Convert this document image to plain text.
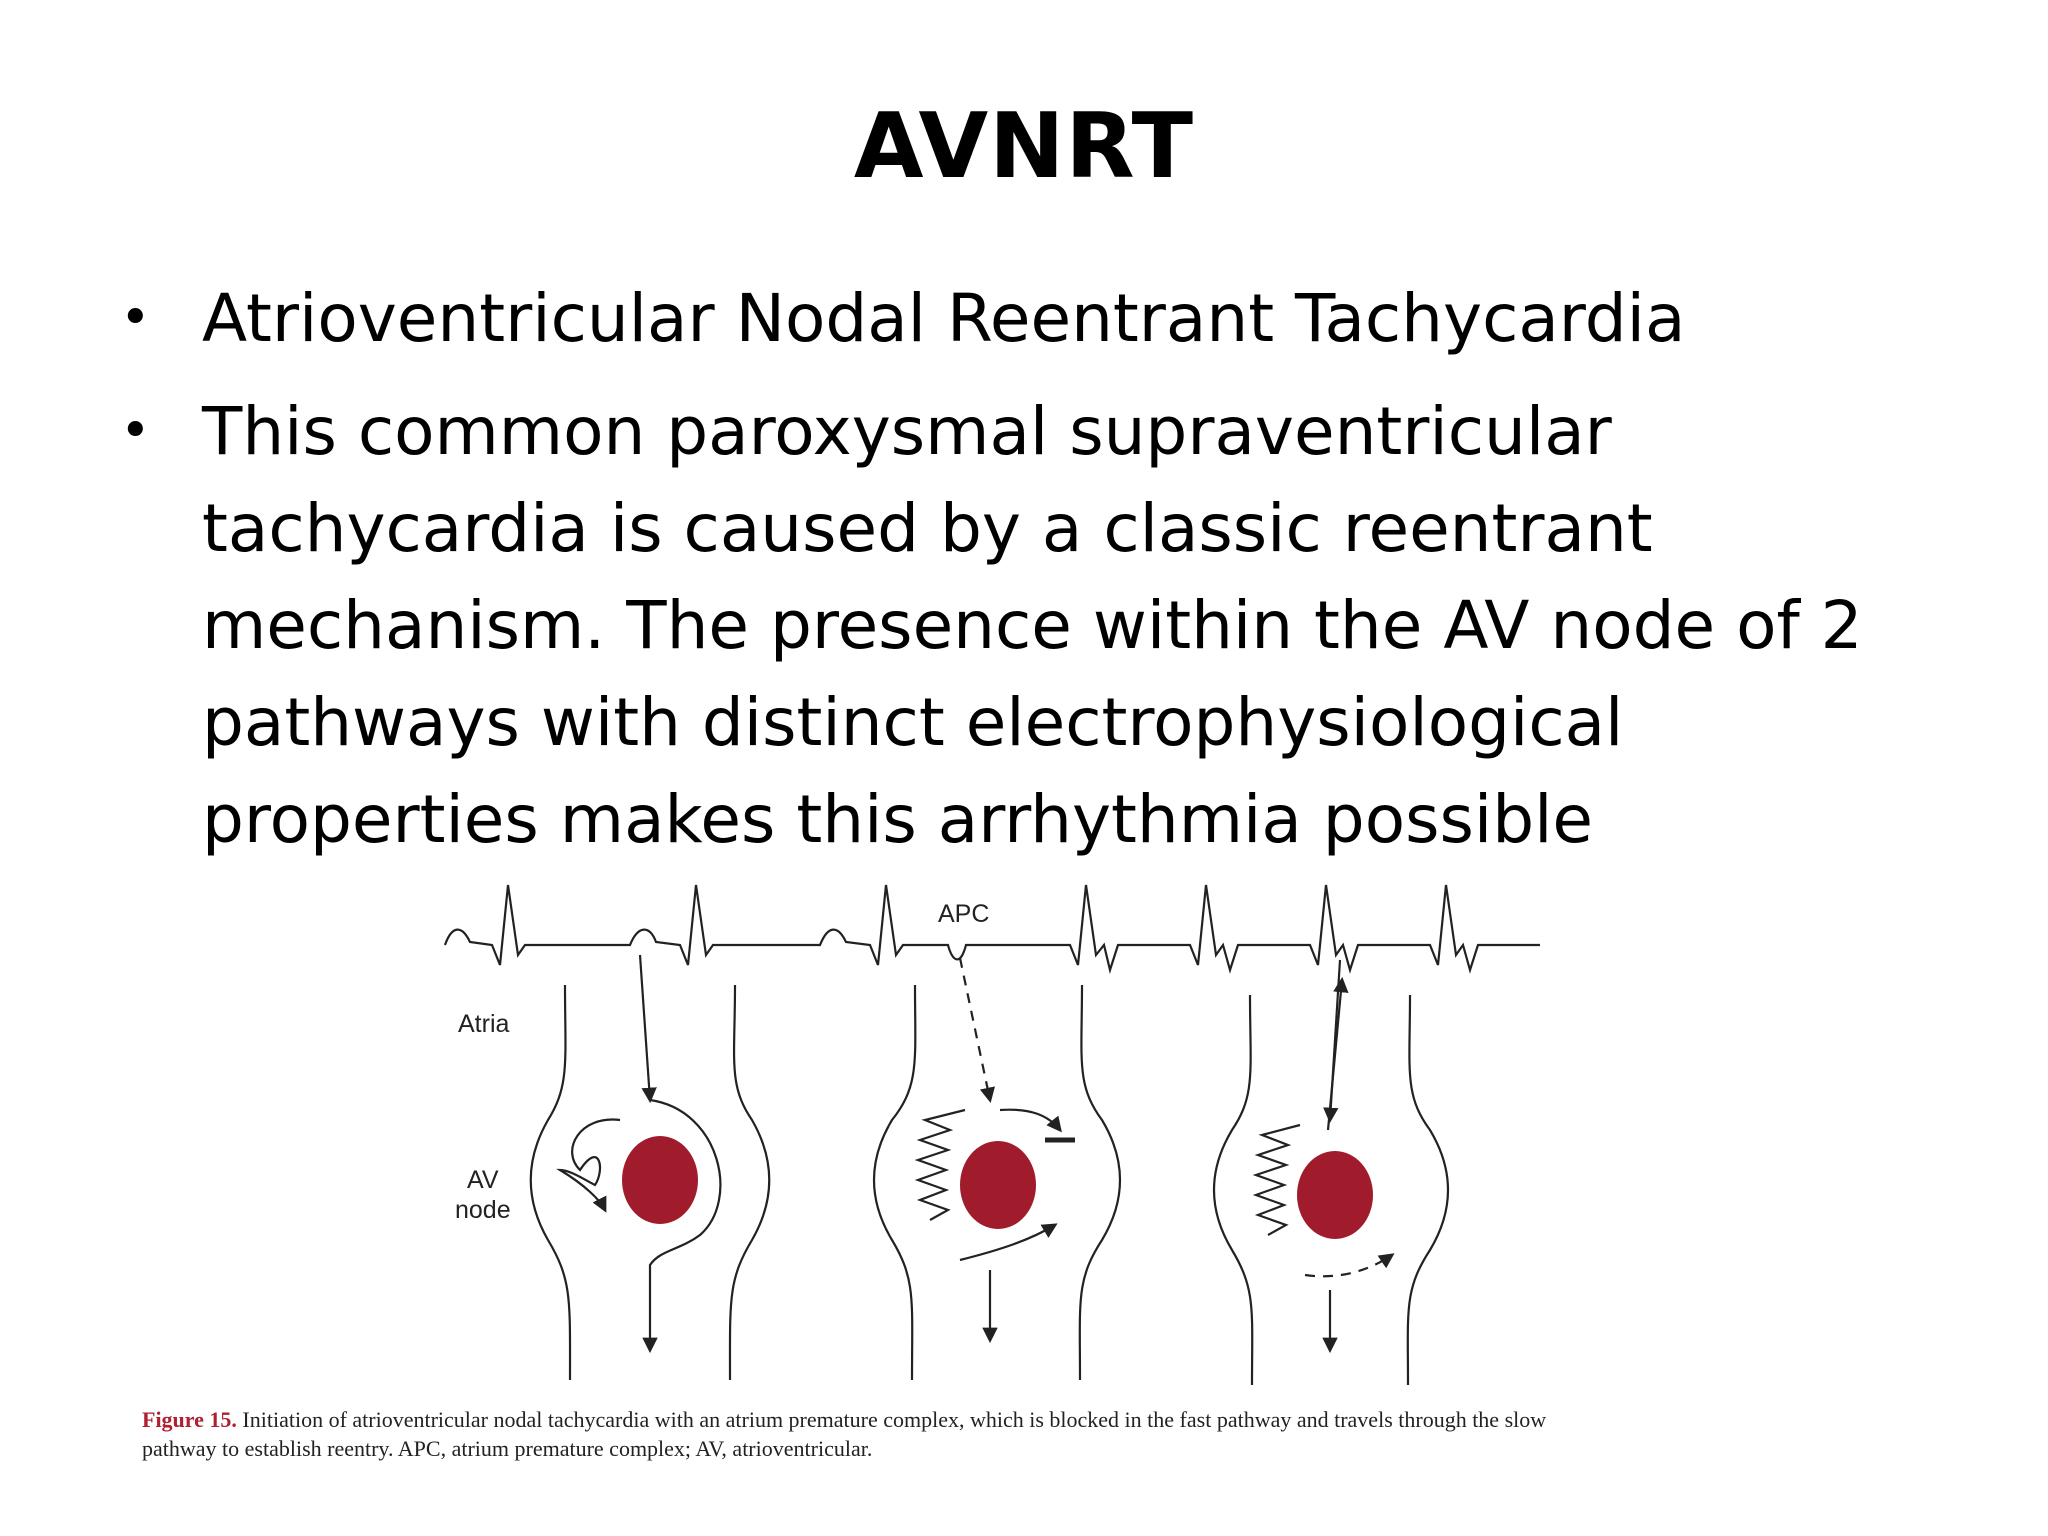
AVNRT
• Atrioventricular Nodal Reentrant Tachycardia
• This common paroxysmal supraventricular
tachycardia is caused by a classic reentrant
mechanism. The presence within the AV node of 2
pathways with distinct electrophysiological
properties makes this arrhythmia possible
APC
Atria
AV
node
Figure 15. Initiation of atrioventricular nodal tachycardia with an atrium premature complex, which is blocked in the fast pathway and travels through the slow
pathway to establish reentry. APC, atrium premature complex; AV, atrioventricular.
